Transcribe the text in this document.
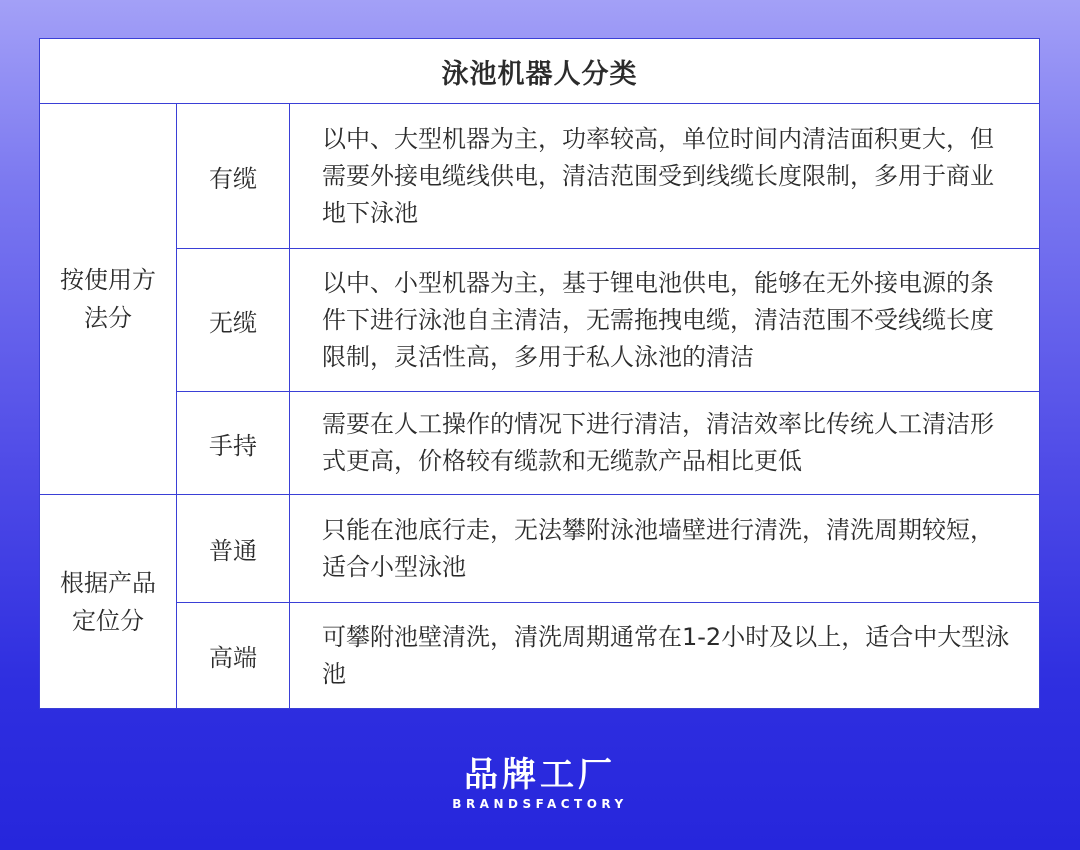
泳池机器人分类		
按使用方法分	有缆	以中、大型机器为主，功率较高，单位时间内清洁面积更大，但需要外接电缆线供电，清洁范围受到线缆长度限制，多用于商业地下泳池
	无缆	以中、小型机器为主，基于锂电池供电，能够在无外接电源的条件下进行泳池自主清洁，无需拖拽电缆，清洁范围不受线缆长度限制，灵活性高，多用于私人泳池的清洁
	手持	需要在人工操作的情况下进行清洁，清洁效率比传统人工清洁形式更高，价格较有缆款和无缆款产品相比更低
根据产品定位分	普通	只能在池底行走，无法攀附泳池墙壁进行清洗，清洗周期较短，适合小型泳池
	高端	可攀附池壁清洗，清洗周期通常在1-2小时及以上，适合中大型泳池
品牌工厂
BRANDSFACTORY
